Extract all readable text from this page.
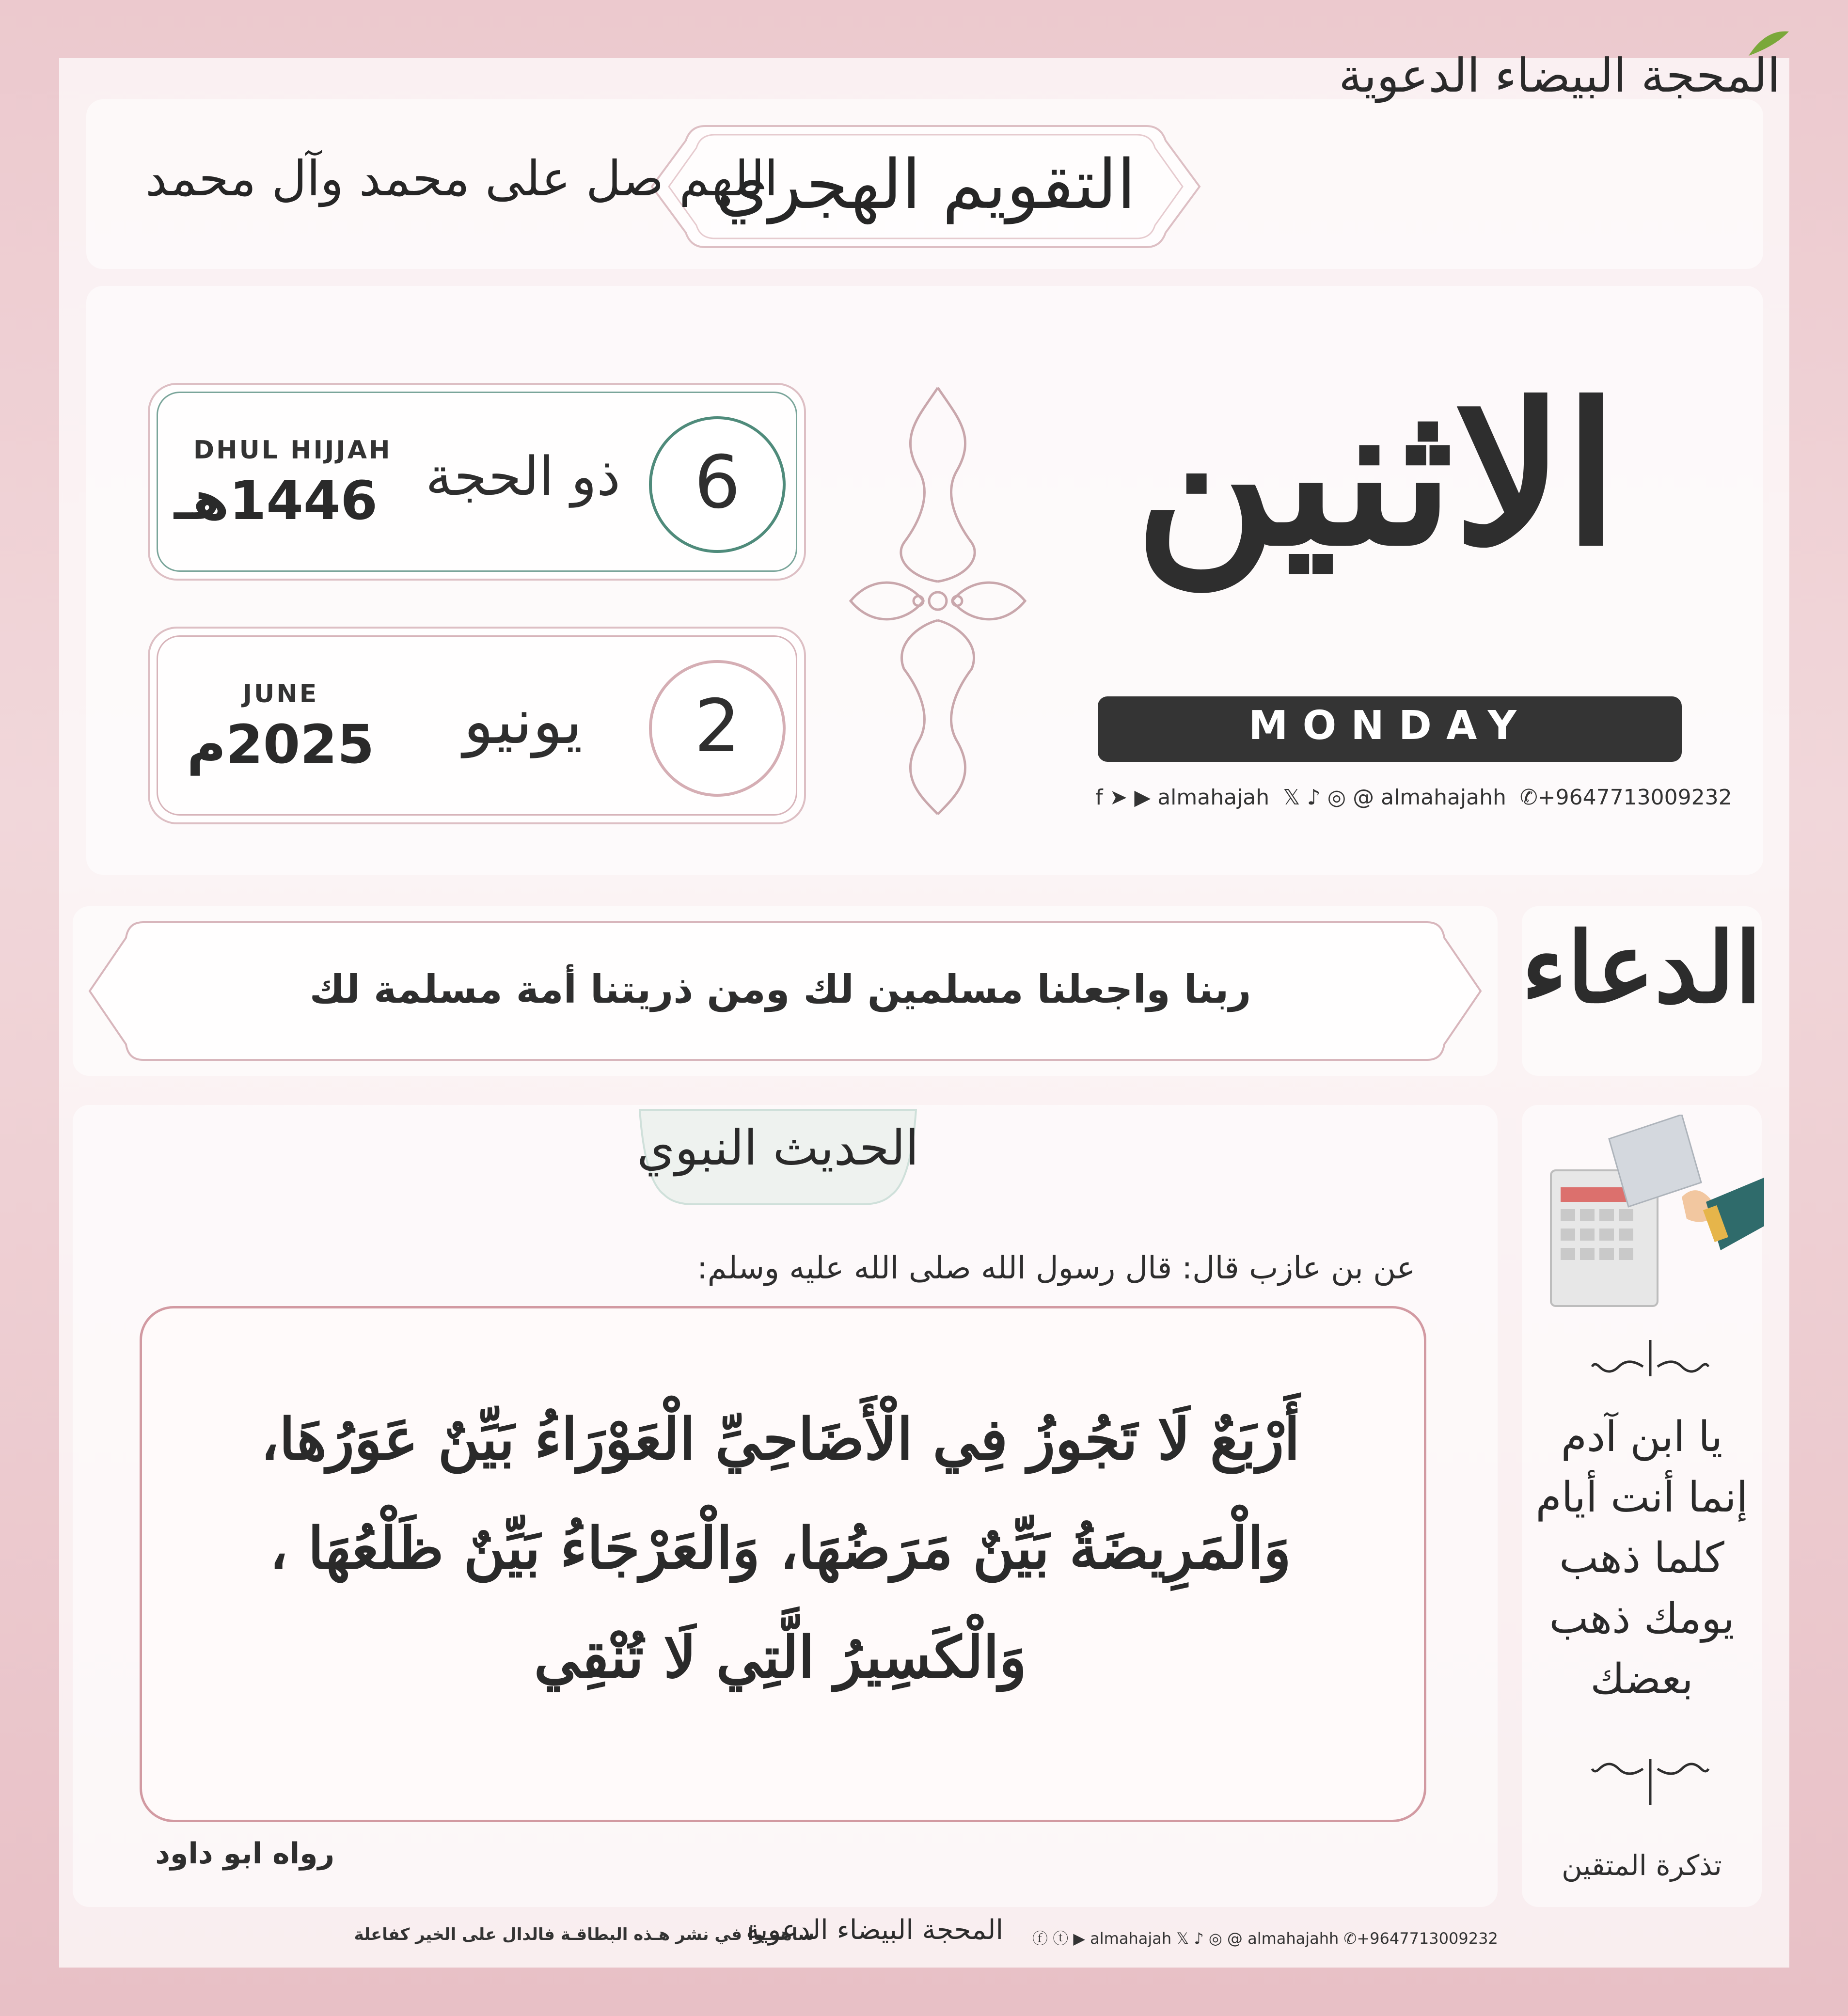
المحجة البيضاء الدعوية
التقويم الهجري
اللهم صل على محمد وآل محمد
الاثنين
MONDAY
f ➤ ▶ almahajah 𝕏 ♪ ◎ @ almahajahh ✆+9647713009232
6
ذو الحجة
DHUL HIJJAH
1446هـ
2
يونيو
JUNE
2025م
ربنا واجعلنا مسلمين لك ومن ذريتنا أمة مسلمة لك	الدعاء
الحديث النبوي
عن بن عازب قال: قال رسول الله صلى الله عليه وسلم:
أَرْبَعٌ لَا تَجُوزُ فِي الْأَضَاحِيِّ الْعَوْرَاءُ بَيِّنٌ عَوَرُهَا،
وَالْمَرِيضَةُ بَيِّنٌ مَرَضُهَا، وَالْعَرْجَاءُ بَيِّنٌ ظَلْعُهَا ،
وَالْكَسِيرُ الَّتِي لَا تُنْقِي
رواه ابو داود
يا ابن آدم
إنما أنت أيام
كلما ذهب
يومك ذهب
بعضك
تذكرة المتقين
ساهمـوا في نشر هـذه البطاقـة فالدال على الخير كفاعلة
المحجة البيضاء الدعوية ⓕ ⓣ ▶ almahajah 𝕏 ♪ ◎ @ almahajahh ✆+9647713009232
